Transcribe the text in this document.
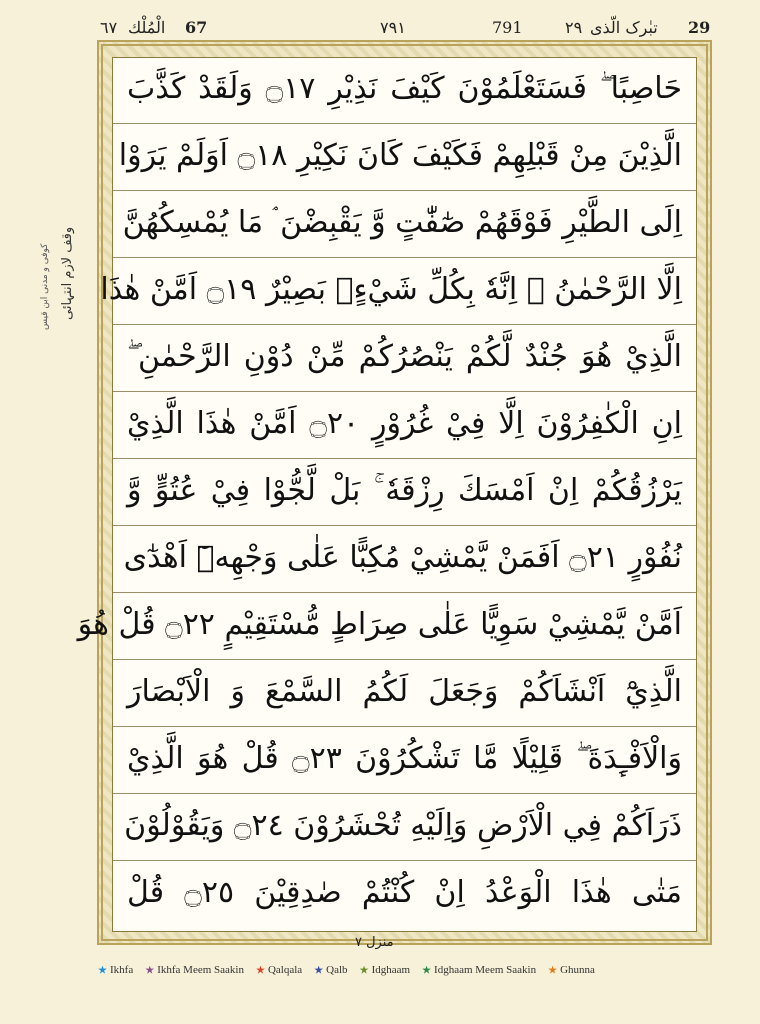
29
تبٰرک الّذی
٢٩
791
٧٩١
67
الْمُلْك
٦٧
وقف لازم انتہائی
کوفی و مدنی ابن قیس
حَاصِبًا ۖ فَسَتَعْلَمُوْنَ كَيْفَ نَذِيْرِ ۝١٧ وَلَقَدْ كَذَّبَ
الَّذِيْنَ مِنْ قَبْلِهِمْ فَكَيْفَ كَانَ نَكِيْرِ ۝١٨ اَوَلَمْ يَرَوْا
اِلَى الطَّيْرِ فَوْقَهُمْ صٰٓفّٰتٍ وَّ يَقْبِضْنَ ۘ مَا يُمْسِكُهُنَّ
اِلَّا الرَّحْمٰنُ ۖ اِنَّهٗ بِكُلِّ شَيْءٍۢ بَصِيْرٌ ۝١٩ اَمَّنْ هٰذَا
الَّذِيْ هُوَ جُنْدٌ لَّكُمْ يَنْصُرُكُمْ مِّنْ دُوْنِ الرَّحْمٰنِ ۖ
اِنِ الْكٰفِرُوْنَ اِلَّا فِيْ غُرُوْرٍ ۝٢٠ اَمَّنْ هٰذَا الَّذِيْ
يَرْزُقُكُمْ اِنْ اَمْسَكَ رِزْقَهٗ ۚ بَلْ لَّجُّوْا فِيْ عُتُوٍّ وَّ
نُفُوْرٍ ۝٢١ اَفَمَنْ يَّمْشِيْ مُكِبًّا عَلٰى وَجْهِهٖٓ اَهْدٰٓى
اَمَّنْ يَّمْشِيْ سَوِيًّا عَلٰى صِرَاطٍ مُّسْتَقِيْمٍ ۝٢٢ قُلْ هُوَ
الَّذِيْٓ اَنْشَاَكُمْ وَجَعَلَ لَكُمُ السَّمْعَ وَ الْاَبْصَارَ
وَالْاَفْـِٕدَةَ ۖ قَلِيْلًا مَّا تَشْكُرُوْنَ ۝٢٣ قُلْ هُوَ الَّذِيْ
ذَرَاَكُمْ فِي الْاَرْضِ وَاِلَيْهِ تُحْشَرُوْنَ ۝٢٤ وَيَقُوْلُوْنَ
مَتٰى هٰذَا الْوَعْدُ اِنْ كُنْتُمْ صٰدِقِيْنَ ۝٢٥ قُلْ
منزل ٧
Ikhfa Ikhfa Meem Saakin Qalqala Qalb Idghaam Idghaam Meem Saakin Ghunna
